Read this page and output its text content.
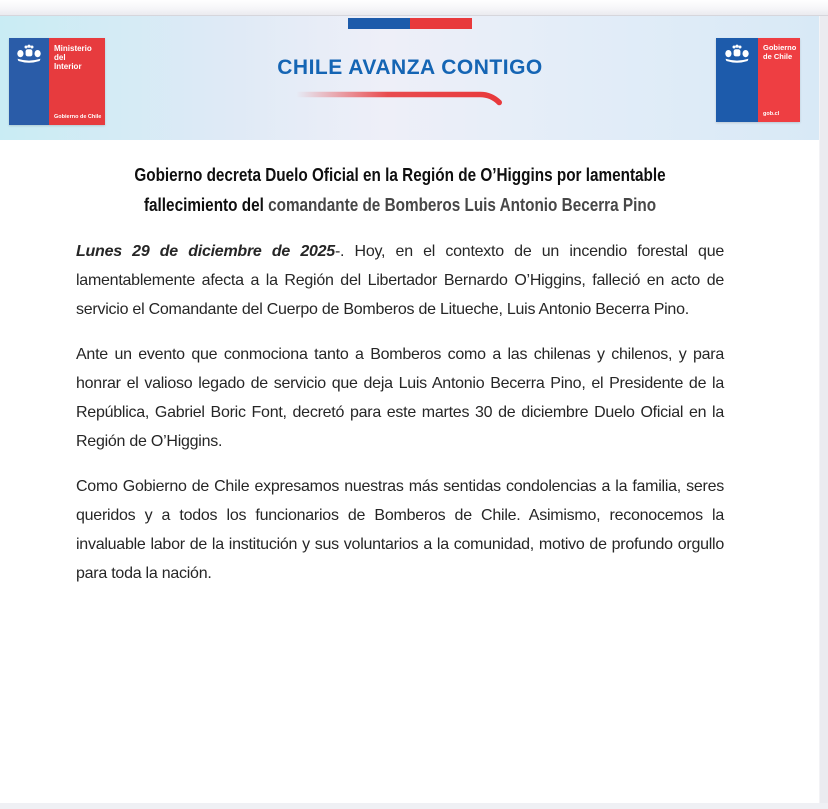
Ministerio del
Interior
Gobierno de Chile
CHILE AVANZA CONTIGO
Gobierno
de Chile
gob.cl
Gobierno decreta Duelo Oficial en la Región de O’Higgins por lamentable
fallecimiento del comandante de Bomberos Luis Antonio Becerra Pino

Lunes 29 de diciembre de 2025-. Hoy, en el contexto de un incendio forestal que lamentablemente afecta a la Región del Libertador Bernardo O’Higgins, falleció en acto de servicio el Comandante del Cuerpo de Bomberos de Litueche, Luis Antonio Becerra Pino.

Ante un evento que conmociona tanto a Bomberos como a las chilenas y chilenos, y para honrar el valioso legado de servicio que deja Luis Antonio Becerra Pino, el Presidente de la República, Gabriel Boric Font, decretó para este martes 30 de diciembre Duelo Oficial en la Región de O’Higgins.

Como Gobierno de Chile expresamos nuestras más sentidas condolencias a la familia, seres queridos y a todos los funcionarios de Bomberos de Chile. Asimismo, reconocemos la invaluable labor de la institución y sus voluntarios a la comunidad, motivo de profundo orgullo para toda la nación.
